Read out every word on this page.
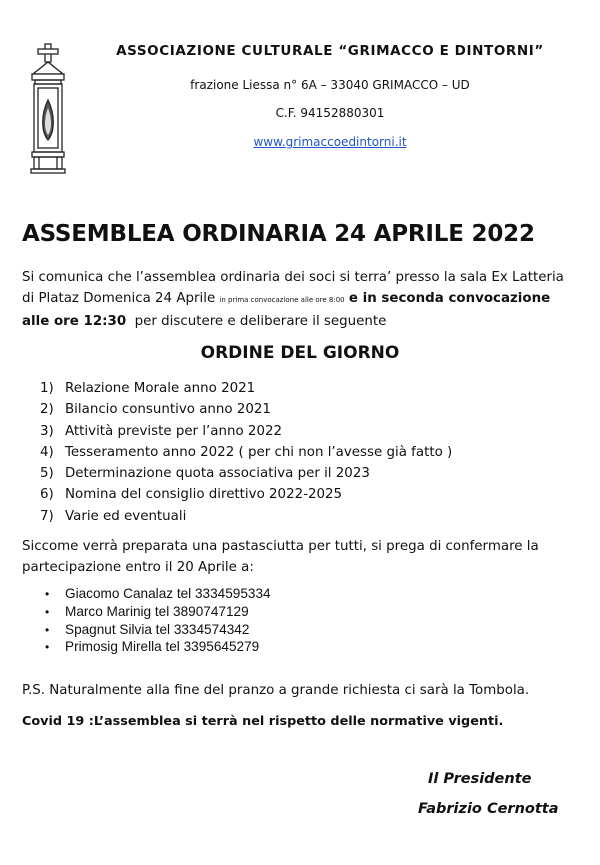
ASSOCIAZIONE CULTURALE “GRIMACCO E DINTORNI”
frazione Liessa n° 6A – 33040 GRIMACCO – UD
C.F. 94152880301
www.grimaccoedintorni.it
ASSEMBLEA ORDINARIA 24 APRILE 2022
Si comunica che l’assemblea ordinaria dei soci si terra’ presso la sala Ex Latteria di Plataz Domenica 24 Aprile in prima convocazione alle ore 8:00 e in seconda convocazione alle ore 12:30 per discutere e deliberare il seguente
ORDINE DEL GIORNO
1) Relazione Morale anno 2021
2) Bilancio consuntivo anno 2021
3) Attività previste per l’anno 2022
4) Tesseramento anno 2022 ( per chi non l’avesse già fatto )
5) Determinazione quota associativa per il 2023
6) Nomina del consiglio direttivo 2022-2025
7) Varie ed eventuali
Siccome verrà preparata una pastasciutta per tutti, si prega di confermare la partecipazione entro il 20 Aprile a:
• Giacomo Canalaz tel 3334595334
• Marco Marinig tel 3890747129
• Spagnut Silvia tel 3334574342
• Primosig Mirella tel 3395645279
P.S. Naturalmente alla fine del pranzo a grande richiesta ci sarà la Tombola.
Covid 19 :L’assemblea si terrà nel rispetto delle normative vigenti.
Il Presidente
Fabrizio Cernotta
